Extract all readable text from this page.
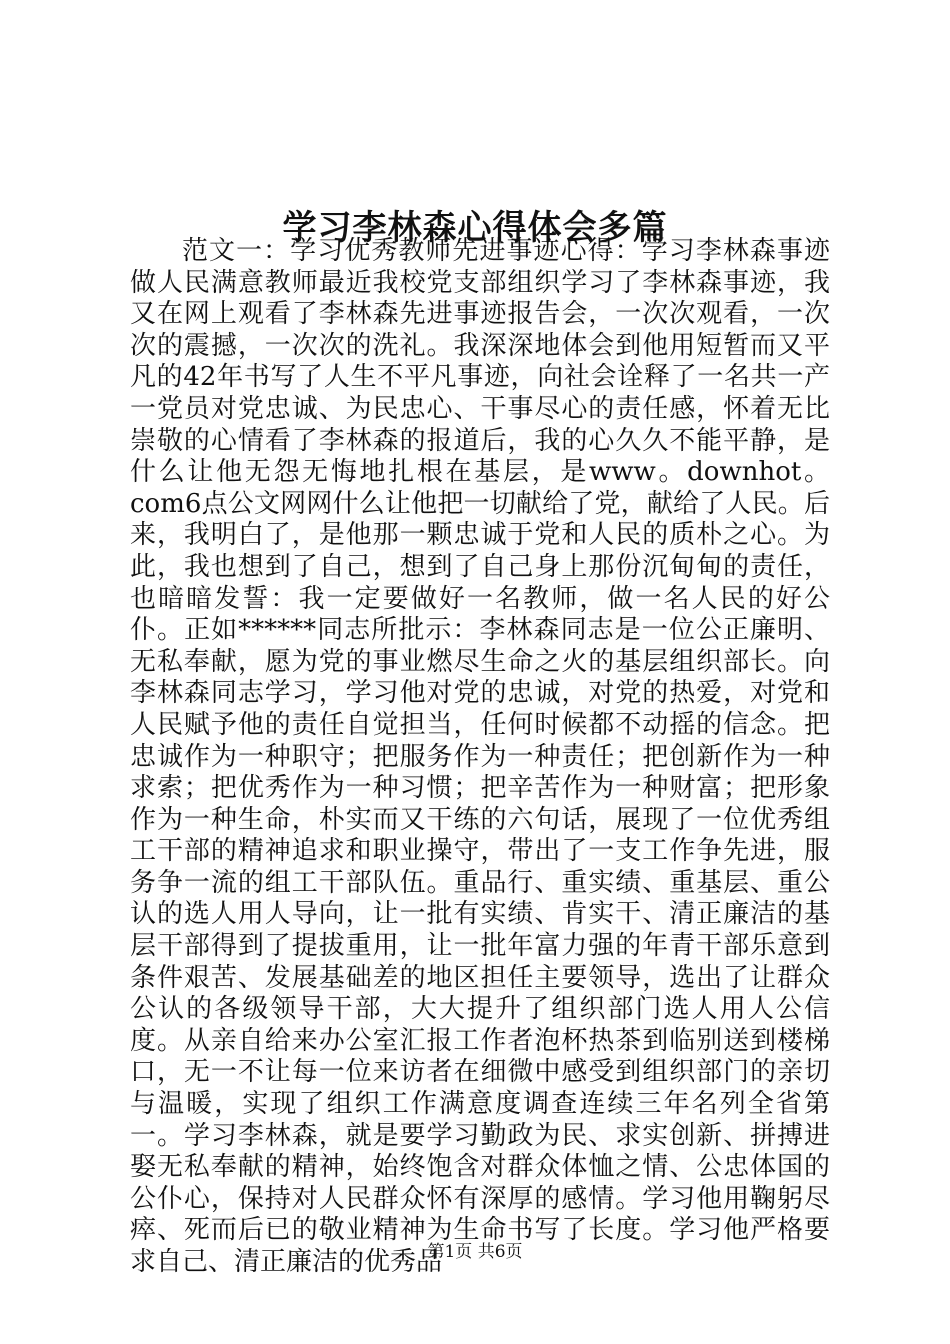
学习李林森心得体会多篇

范文一：学习优秀教师先进事迹心得：学习李林森事迹做人民满意教师最近我校党支部组织学习了李林森事迹，我又在网上观看了李林森先进事迹报告会，一次次观看，一次次的震撼，一次次的洗礼。我深深地体会到他用短暂而又平凡的42年书写了人生不平凡事迹，向社会诠释了一名共一产一党员对党忠诚、为民忠心、干事尽心的责任感，怀着无比崇敬的心情看了李林森的报道后，我的心久久不能平静，是什么让他无怨无悔地扎根在基层，是www。downhot。com6点公文网网什么让他把一切献给了党，献给了人民。后来，我明白了，是他那一颗忠诚于党和人民的质朴之心。为此，我也想到了自己，想到了自己身上那份沉甸甸的责任，也暗暗发誓：我一定要做好一名教师，做一名人民的好公仆。正如******同志所批示：李林森同志是一位公正廉明、无私奉献，愿为党的事业燃尽生命之火的基层组织部长。向李林森同志学习，学习他对党的忠诚，对党的热爱，对党和人民赋予他的责任自觉担当，任何时候都不动摇的信念。把忠诚作为一种职守；把服务作为一种责任；把创新作为一种求索；把优秀作为一种习惯；把辛苦作为一种财富；把形象作为一种生命，朴实而又干练的六句话，展现了一位优秀组工干部的精神追求和职业操守，带出了一支工作争先进，服务争一流的组工干部队伍。重品行、重实绩、重基层、重公认的选人用人导向，让一批有实绩、肯实干、清正廉洁的基层干部得到了提拔重用，让一批年富力强的年青干部乐意到条件艰苦、发展基础差的地区担任主要领导，选出了让群众公认的各级领导干部，大大提升了组织部门选人用人公信度。从亲自给来办公室汇报工作者泡杯热茶到临别送到楼梯口，无一不让每一位来访者在细微中感受到组织部门的亲切与温暖，实现了组织工作满意度调查连续三年名列全省第一。学习李林森，就是要学习勤政为民、求实创新、拼搏进娶无私奉献的精神，始终饱含对群众体恤之情、公忠体国的公仆心，保持对人民群众怀有深厚的感情。学习他用鞠躬尽瘁、死而后已的敬业精神为生命书写了长度。学习他严格要求自己、清正廉洁的优秀品

第1页 共6页
